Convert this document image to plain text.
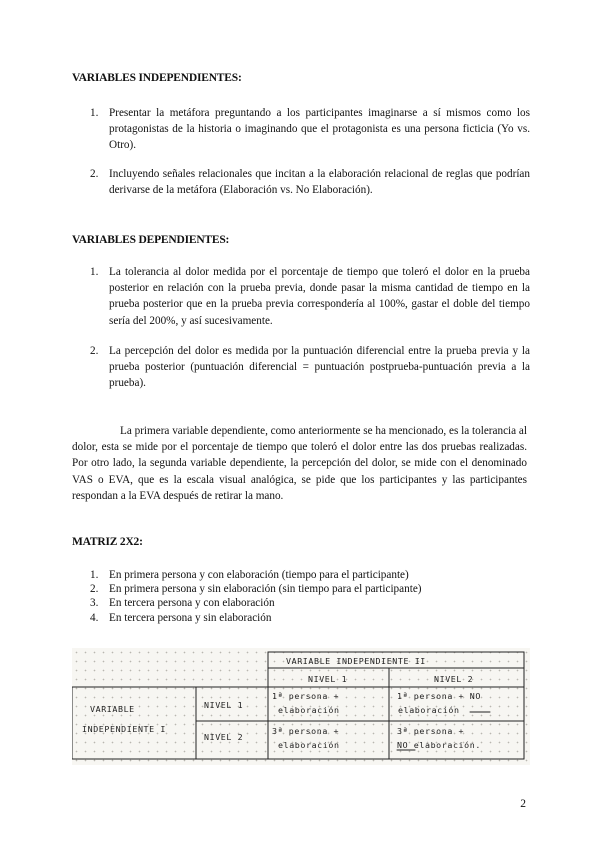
VARIABLES INDEPENDIENTES:
1. Presentar la metáfora preguntando a los participantes imaginarse a sí mismos como los protagonistas de la historia o imaginando que el protagonista es una persona ficticia (Yo vs. Otro).
2. Incluyendo señales relacionales que incitan a la elaboración relacional de reglas que podrían derivarse de la metáfora (Elaboración vs. No Elaboración).
VARIABLES DEPENDIENTES:
1. La tolerancia al dolor medida por el porcentaje de tiempo que toleró el dolor en la prueba posterior en relación con la prueba previa, donde pasar la misma cantidad de tiempo en la prueba posterior que en la prueba previa correspondería al 100%, gastar el doble del tiempo sería del 200%, y así sucesivamente.
2. La percepción del dolor es medida por la puntuación diferencial entre la prueba previa y la prueba posterior (puntuación diferencial = puntuación postprueba-puntuación previa a la prueba).
La primera variable dependiente, como anteriormente se ha mencionado, es la tolerancia al dolor, esta se mide por el porcentaje de tiempo que toleró el dolor entre las dos pruebas realizadas. Por otro lado, la segunda variable dependiente, la percepción del dolor, se mide con el denominado VAS o EVA, que es la escala visual analógica, se pide que los participantes y las participantes respondan a la EVA después de retirar la mano.
MATRIZ 2X2:
1. En primera persona y con elaboración (tiempo para el participante)
2. En primera persona y sin elaboración (sin tiempo para el participante)
3. En tercera persona y con elaboración
4. En tercera persona y sin elaboración
VARIABLE INDEPENDIENTE II
NIVEL 1	NIVEL 2
VARIABLE
INDEPENDIENTE I
NIVEL 1
NIVEL 2
1ª persona +
elaboración
1ª persona + NO
elaboración
3ª persona +
elaboración
3ª persona +
NO elaboración.
2
